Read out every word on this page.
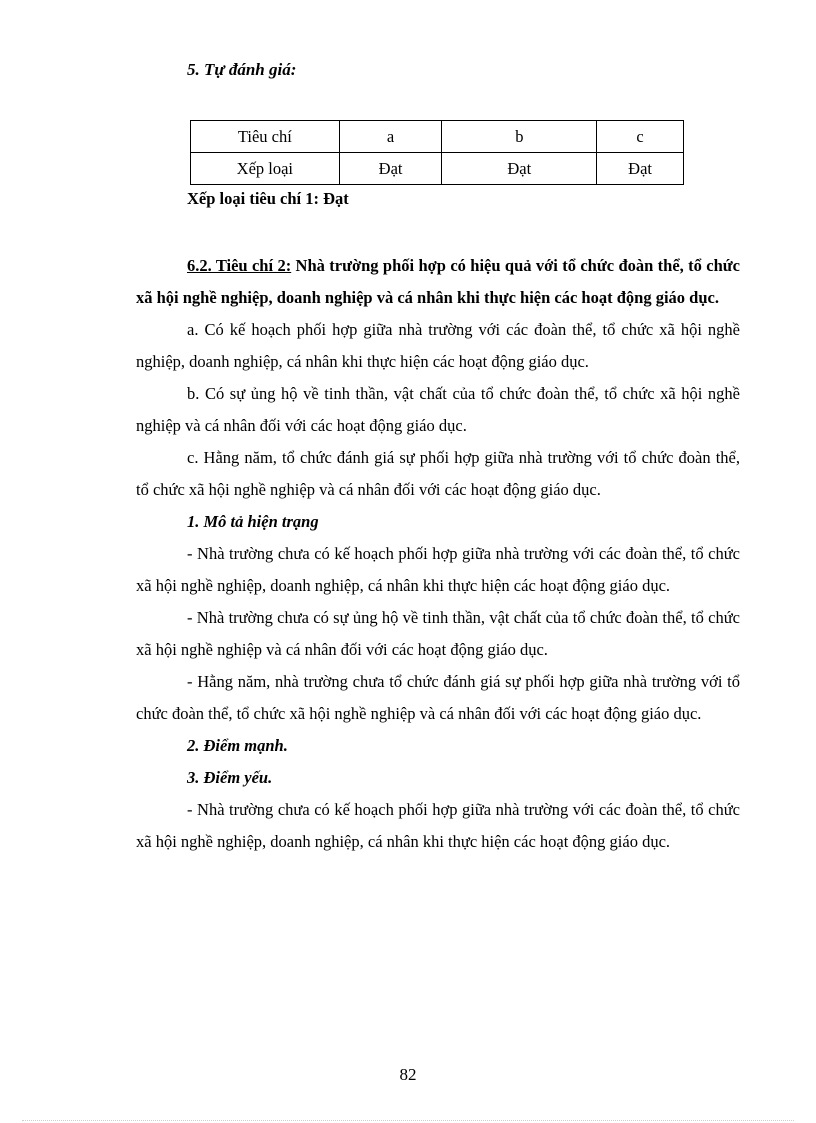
5. Tự đánh giá:
Tiêu chí	a	b	c
Xếp loại	Đạt	Đạt	Đạt
Xếp loại tiêu chí 1: Đạt

6.2. Tiêu chí 2: Nhà trường phối hợp có hiệu quả với tổ chức đoàn thể, tổ chức xã hội nghề nghiệp, doanh nghiệp và cá nhân khi thực hiện các hoạt động giáo dục.

a. Có kế hoạch phối hợp giữa nhà trường với các đoàn thể, tổ chức xã hội nghề nghiệp, doanh nghiệp, cá nhân khi thực hiện các hoạt động giáo dục.

b. Có sự ủng hộ về tinh thần, vật chất của tổ chức đoàn thể, tổ chức xã hội nghề nghiệp và cá nhân đối với các hoạt động giáo dục.

c. Hằng năm, tổ chức đánh giá sự phối hợp giữa nhà trường với tổ chức đoàn thể, tổ chức xã hội nghề nghiệp và cá nhân đối với các hoạt động giáo dục.

1. Mô tả hiện trạng

- Nhà trường chưa có kế hoạch phối hợp giữa nhà trường với các đoàn thể, tổ chức xã hội nghề nghiệp, doanh nghiệp, cá nhân khi thực hiện các hoạt động giáo dục.

- Nhà trường chưa có sự ủng hộ về tinh thần, vật chất của tổ chức đoàn thể, tổ chức xã hội nghề nghiệp và cá nhân đối với các hoạt động giáo dục.

- Hằng năm, nhà trường chưa tổ chức đánh giá sự phối hợp giữa nhà trường với tổ chức đoàn thể, tổ chức xã hội nghề nghiệp và cá nhân đối với các hoạt động giáo dục.

2. Điểm mạnh.

3. Điểm yếu.

- Nhà trường chưa có kế hoạch phối hợp giữa nhà trường với các đoàn thể, tổ chức xã hội nghề nghiệp, doanh nghiệp, cá nhân khi thực hiện các hoạt động giáo dục.

82
